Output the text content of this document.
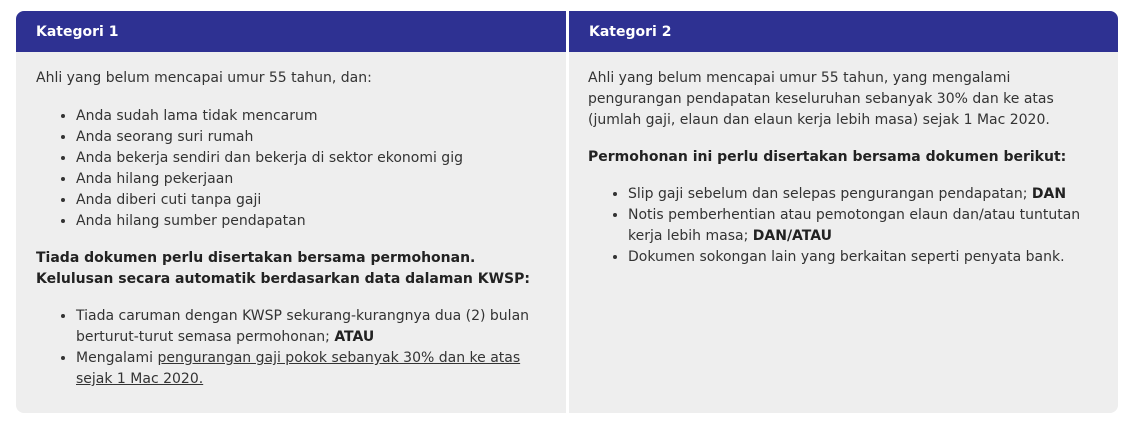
Kategori 1

Ahli yang belum mencapai umur 55 tahun, dan:

• Anda sudah lama tidak mencarum
• Anda seorang suri rumah
• Anda bekerja sendiri dan bekerja di sektor ekonomi gig
• Anda hilang pekerjaan
• Anda diberi cuti tanpa gaji
• Anda hilang sumber pendapatan

Tiada dokumen perlu disertakan bersama permohonan. Kelulusan secara automatik berdasarkan data dalaman KWSP:

• Tiada caruman dengan KWSP sekurang-kurangnya dua (2) bulan berturut-turut semasa permohonan; ATAU
• Mengalami pengurangan gaji pokok sebanyak 30% dan ke atas sejak 1 Mac 2020.
Kategori 2

Ahli yang belum mencapai umur 55 tahun, yang mengalami pengurangan pendapatan keseluruhan sebanyak 30% dan ke atas (jumlah gaji, elaun dan elaun kerja lebih masa) sejak 1 Mac 2020.

Permohonan ini perlu disertakan bersama dokumen berikut:

• Slip gaji sebelum dan selepas pengurangan pendapatan; DAN
• Notis pemberhentian atau pemotongan elaun dan/atau tuntutan kerja lebih masa; DAN/ATAU
• Dokumen sokongan lain yang berkaitan seperti penyata bank.
